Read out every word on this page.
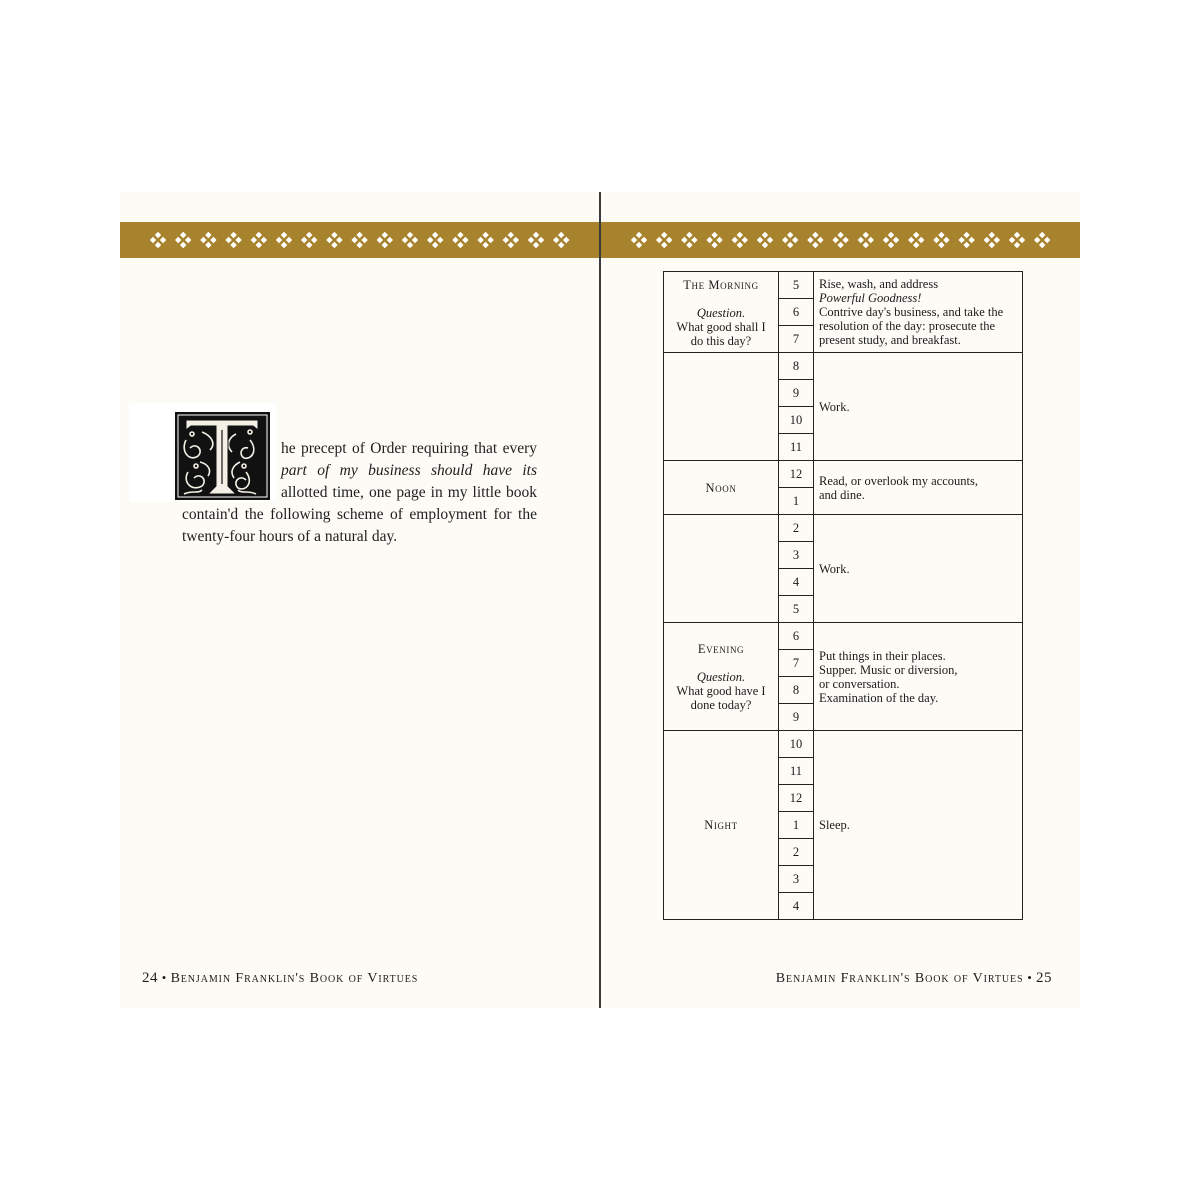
he precept of Order requiring that every
part of my business should have its
allotted time, one page in my little book
contain'd the following scheme of employment for the
twenty-four hours of a natural day.
24 • Benjamin Franklin's Book of Virtues
The Morning
Question.
What good shall I
do this day?	5	Rise, wash, and address
Powerful Goodness!
Contrive day's business, and take the
resolution of the day: prosecute the
present study, and breakfast.

	6	
	7	
	8	Work.
	9	
	10	
	11	

Noon	12	Read, or overlook my accounts,
and dine.

	1	
	2	Work.
	3	
	4	
	5	

Evening
Question.
What good have I
done today?	6	Put things in their places.
Supper. Music or diversion,
or conversation.
Examination of the day.

	7	
	8	
	9	

Night	10	Sleep.
	11	
	12	
	1	
	2	
	3	
	4	
Benjamin Franklin's Book of Virtues • 25
